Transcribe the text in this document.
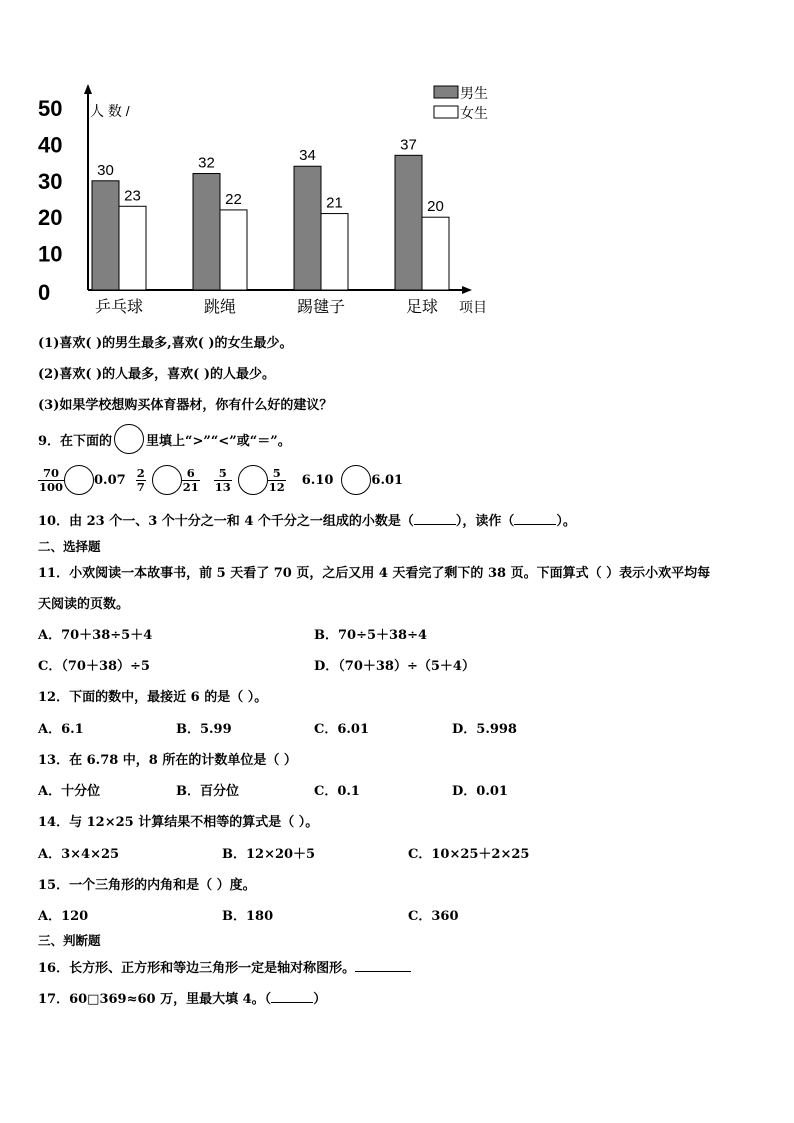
0
10
20
30
40
50 人 数 /
30
23
乒乓球
32
22
跳绳
34
21
踢毽子
37
20
足球 项目
男生
女生
(1)喜欢( )的男生最多,喜欢( )的女生最少。
(2)喜欢( )的人最多，喜欢( )的人最少。
(3)如果学校想购买体育器材，你有什么好的建议？
9．在下面的	里填上“>”“<”或“＝”。
$\frac{70}{100} 0.07 \frac{2}{7}$	$\frac{6}{21} \frac{5}{13}$	$\frac{5}{12} 6.10$	6.01
10．由 23 个一、3 个十分之一和 4 个千分之一组成的小数是（	），读作（	）。
二、选择题
11．小欢阅读一本故事书，前 5 天看了 70 页，之后又用 4 天看完了剩下的 38 页。下面算式（ ）表示小欢平均每
天阅读的页数。
A．70＋38÷5＋4	B．70÷5＋38÷4
C．（70＋38）÷5	D．（70＋38）÷（5＋4）
12．下面的数中，最接近 6 的是（ ）。
A．6.1	B．5.99	C．6.01	D．5.998
13．在 6.78 中，8 所在的计数单位是（ ）
A．十分位	B．百分位	C．0.1	D．0.01
14．与 12×25 计算结果不相等的算式是（ ）。
A．3×4×25	B．12×20＋5	C．10×25＋2×25
15．一个三角形的内角和是（ ）度。
A．120	B．180	C．360
三、判断题
16．长方形、正方形和等边三角形一定是轴对称图形。
17．60□369≈60 万，里最大填 4。（	）
